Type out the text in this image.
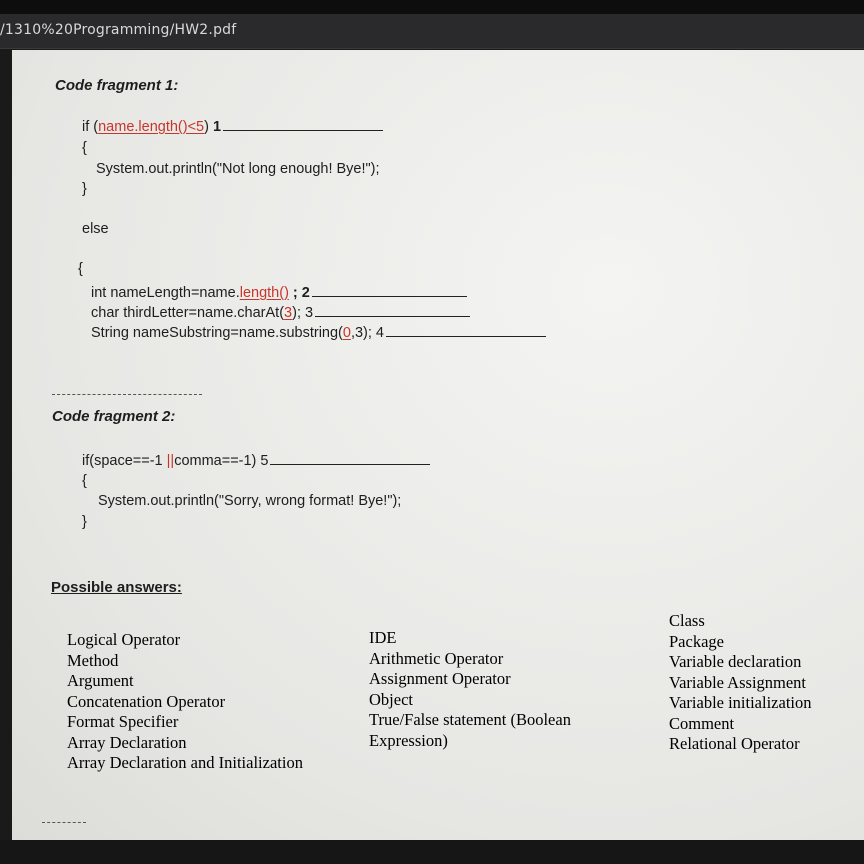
/1310%20Programming/HW2.pdf
Code fragment 1:
if (name.length()<5) 1
{
System.out.println("Not long enough! Bye!");
}
else
{
int nameLength=name.length() ; 2
char thirdLetter=name.charAt(3); 3
String nameSubstring=name.substring(0,3); 4
Code fragment 2:
if(space==-1 ||comma==-1) 5
{
System.out.println("Sorry, wrong format! Bye!");
}
Possible answers:
Logical Operator
Method
Argument
Concatenation Operator
Format Specifier
Array Declaration
Array Declaration and Initialization
IDE
Arithmetic Operator
Assignment Operator
Object
True/False statement (Boolean
Expression)
Class
Package
Variable declaration
Variable Assignment
Variable initialization
Comment
Relational Operator
